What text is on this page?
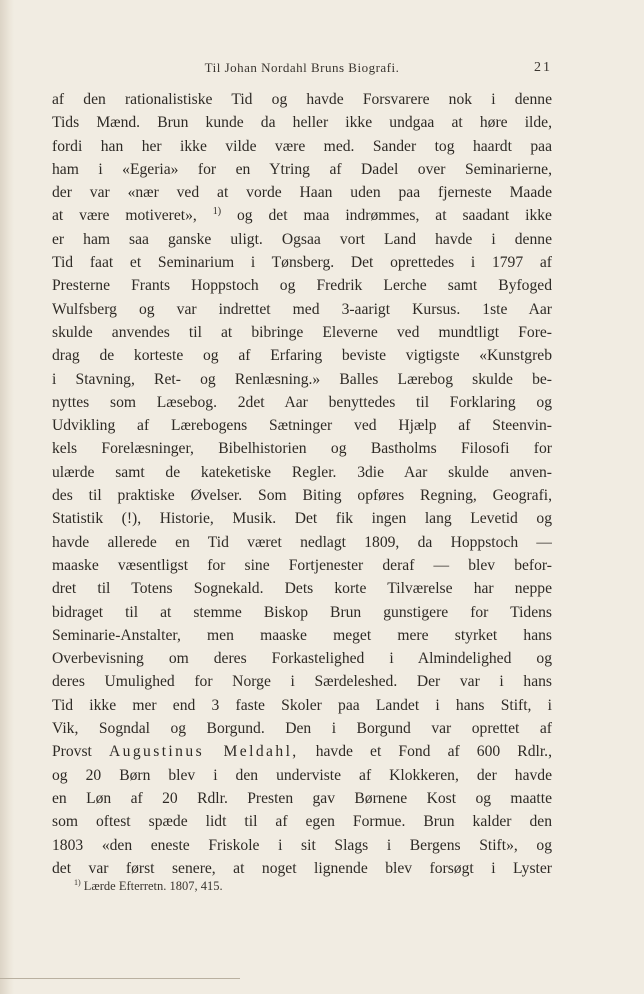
Til Johan Nordahl Bruns Biografi.	21
af den rationalistiske Tid og havde Forsvarere nok i denne
Tids Mænd. Brun kunde da heller ikke undgaa at høre ilde,
fordi han her ikke vilde være med. Sander tog haardt paa
ham i «Egeria» for en Ytring af Dadel over Seminarierne,
der var «nær ved at vorde Haan uden paa fjerneste Maade
at være motiveret», $^{1)}$ og det maa indrømmes, at saadant ikke
er ham saa ganske uligt. Ogsaa vort Land havde i denne
Tid faat et Seminarium i Tønsberg. Det oprettedes i 1797 af
Presterne Frants Hoppstoch og Fredrik Lerche samt Byfoged
Wulfsberg og var indrettet med 3-aarigt Kursus. 1ste Aar
skulde anvendes til at bibringe Eleverne ved mundtligt Fore-
drag de korteste og af Erfaring beviste vigtigste «Kunstgreb
i Stavning, Ret- og Renlæsning.» Balles Lærebog skulde be-
nyttes som Læsebog. 2det Aar benyttedes til Forklaring og
Udvikling af Lærebogens Sætninger ved Hjælp af Steenvin-
kels Forelæsninger, Bibelhistorien og Bastholms Filosofi for
ulærde samt de kateketiske Regler. 3die Aar skulde anven-
des til praktiske Øvelser. Som Biting opføres Regning, Geografi,
Statistik (!), Historie, Musik. Det fik ingen lang Levetid og
havde allerede en Tid været nedlagt 1809, da Hoppstoch —
maaske væsentligst for sine Fortjenester deraf — blev befor-
dret til Totens Sognekald. Dets korte Tilværelse har neppe
bidraget til at stemme Biskop Brun gunstigere for Tidens
Seminarie-Anstalter, men maaske meget mere styrket hans
Overbevisning om deres Forkastelighed i Almindelighed og
deres Umulighed for Norge i Særdeleshed. Der var i hans
Tid ikke mer end 3 faste Skoler paa Landet i hans Stift, i
Vik, Sogndal og Borgund. Den i Borgund var oprettet af
Provst Augustinus Meldahl, havde et Fond af 600 Rdlr.,
og 20 Børn blev i den underviste af Klokkeren, der havde
en Løn af 20 Rdlr. Presten gav Børnene Kost og maatte
som oftest spæde lidt til af egen Formue. Brun kalder den
1803 «den eneste Friskole i sit Slags i Bergens Stift», og
det var først senere, at noget lignende blev forsøgt i Lyster
$^{1)}$ Lærde Efterretn. 1807, 415.
